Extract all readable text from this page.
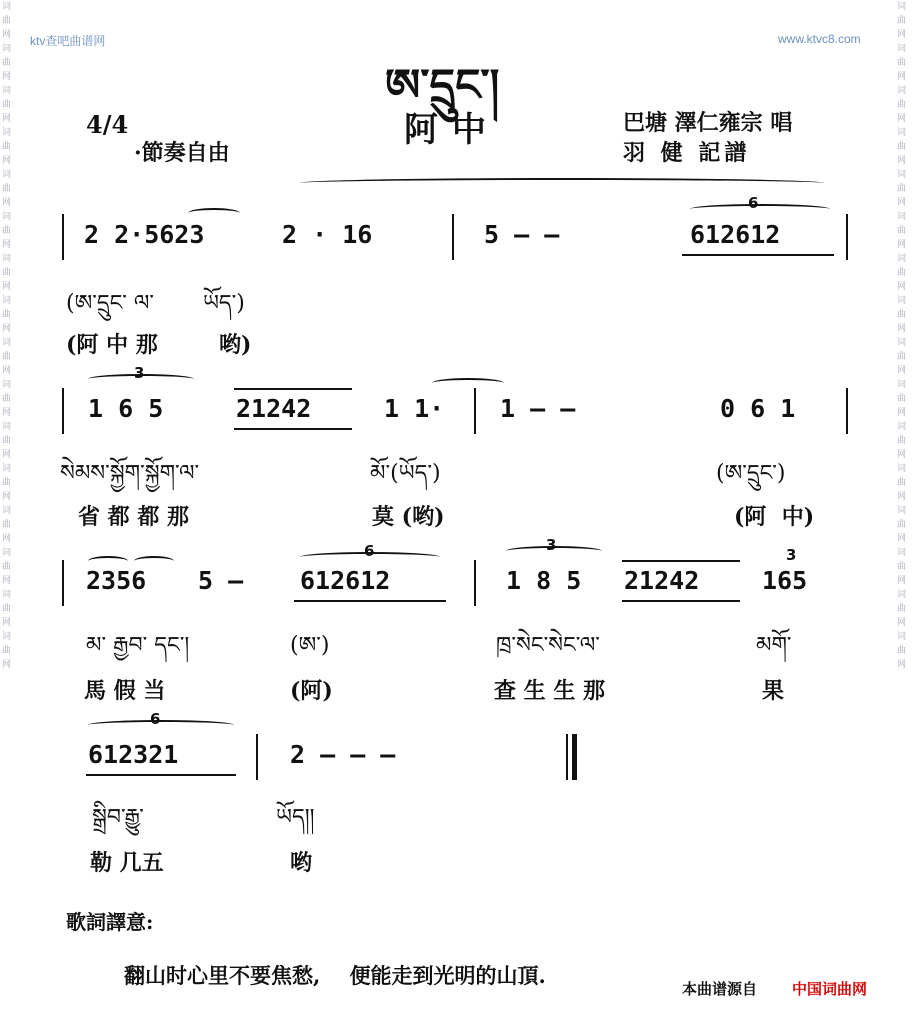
词曲网词曲网词曲网词曲网词曲网词曲网词曲网词曲网词曲网词曲网词曲网词曲网词曲网词曲网词曲网词曲网
词曲网词曲网词曲网词曲网词曲网词曲网词曲网词曲网词曲网词曲网词曲网词曲网词曲网词曲网词曲网词曲网
ktv查吧曲谱网	www.ktvc8.com
ཨ་དྲུང་།
阿中
4/4
·節奏自由
巴塘 澤仁雍宗 唱
羽 健 記譜
2 2·5623	2 · 16	5 — —
6
612612
(ཨ་དྲུང་ ལ་       ཡོད་)
(阿 中 那        哟)
3
1 6 5	21242	1 1· 1 — —	0 6 1
སེམས་སྐྱོག་སྐྱོག་ལ་	མོ་(ཡོད་)	(ཨ་དྲུང་)
省 都 都 那	莫 (哟)	(阿  中)
2356 5 —
6
612612
3
1 8 5 21242
3
165
མ་ རྒྱབ་ དང་།	(ཨ་)	ཁྲ་སེང་སེང་ལ་	མགོ་
馬 假 当	(阿)	查 生 生 那	果
6
612321	2 — — —
སྒྲིབ་རྒྱུ་	ཡོད།།
勒 几五	哟
歌詞譯意:
翻山时心里不要焦愁,    便能走到光明的山頂.
本曲谱源自 中国词曲网
